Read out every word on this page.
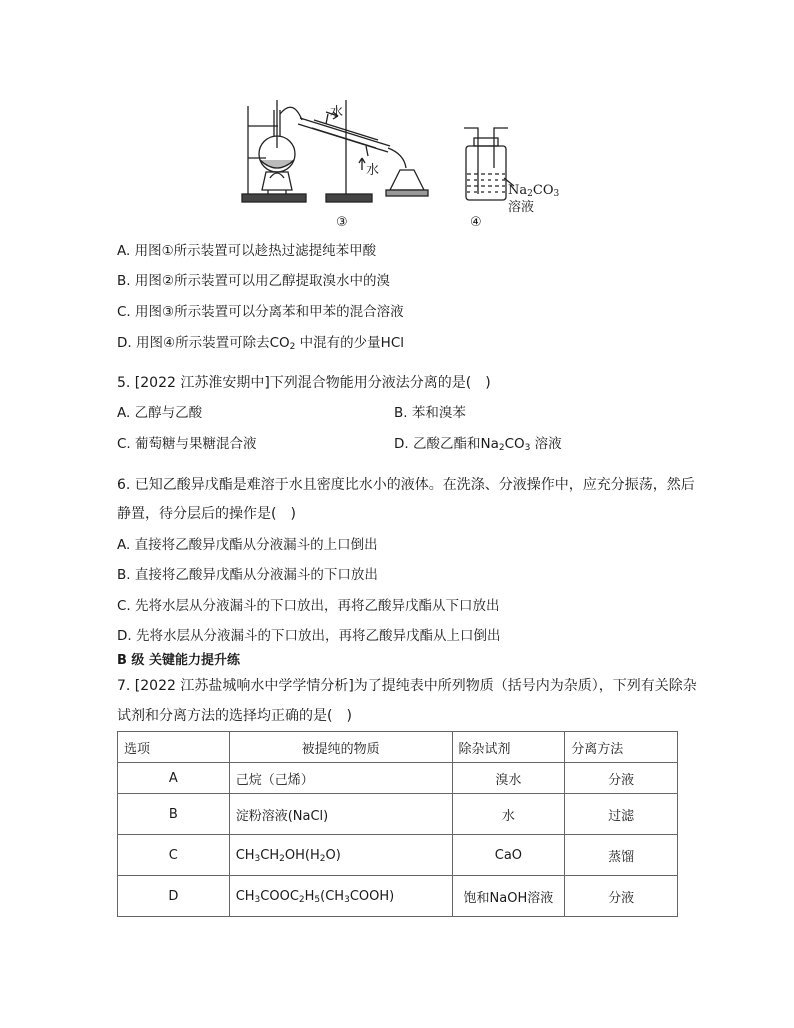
水
水
③	④
$Na_2CO_3$
溶液
A. 用图①所示装置可以趁热过滤提纯苯甲酸
B. 用图②所示装置可以用乙醇提取溴水中的溴
C. 用图③所示装置可以分离苯和甲苯的混合溶液
D. 用图④所示装置可除去$CO_2$ 中混有的少量HCl
5. [2022 江苏淮安期中]下列混合物能用分液法分离的是(　)
A. 乙醇与乙酸	B. 苯和溴苯
C. 葡萄糖与果糖混合液	D. 乙酸乙酯和$Na_2CO_3$ 溶液
6. 已知乙酸异戊酯是难溶于水且密度比水小的液体。在洗涤、分液操作中，应充分振荡，然后
静置，待分层后的操作是(　)
A. 直接将乙酸异戊酯从分液漏斗的上口倒出
B. 直接将乙酸异戊酯从分液漏斗的下口放出
C. 先将水层从分液漏斗的下口放出，再将乙酸异戊酯从下口放出
D. 先将水层从分液漏斗的下口放出，再将乙酸异戊酯从上口倒出
B 级 关键能力提升练
7. [2022 江苏盐城响水中学学情分析]为了提纯表中所列物质（括号内为杂质），下列有关除杂
试剂和分离方法的选择均正确的是(　)
选项	被提纯的物质	除杂试剂	分离方法
A	己烷（己烯）	溴水	分液
B	淀粉溶液(NaCl)	水	过滤
C	$CH_3CH_2OH(H_2O)$	CaO	蒸馏
D	$CH_3COOC_2H_5(CH_3COOH)$	饱和NaOH溶液	分液
